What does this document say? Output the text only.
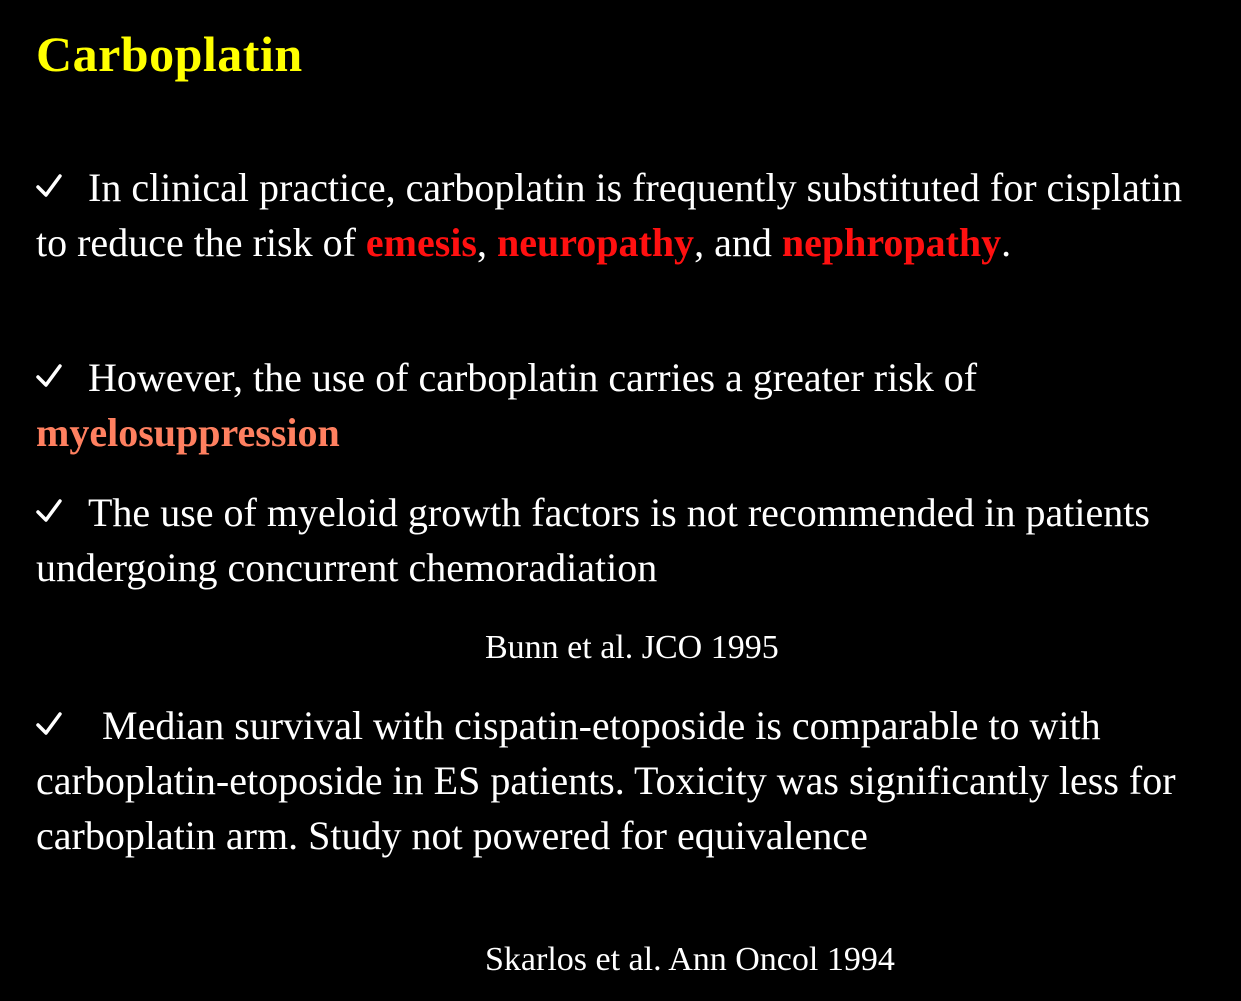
Carboplatin
In clinical practice, carboplatin is frequently substituted for cisplatin to reduce the risk of emesis, neuropathy, and nephropathy.
However, the use of carboplatin carries a greater risk of myelosuppression
The use of myeloid growth factors is not recommended in patients undergoing concurrent chemoradiation
Bunn et al. JCO 1995
Median survival with cispatin-etoposide is comparable to with carboplatin-etoposide in ES patients. Toxicity was significantly less for carboplatin arm. Study not powered for equivalence
Skarlos et al. Ann Oncol 1994
